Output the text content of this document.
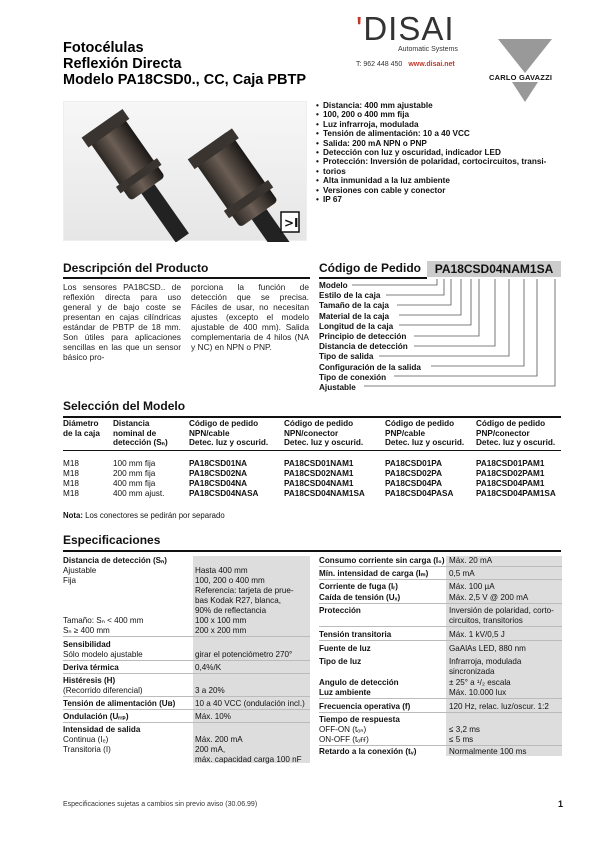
Fotocélulas
Reflexión Directa
Modelo PA18CSD0., CC, Caja PBTP
'DISAI
Automatic Systems
T: 962 448 450 www.disai.net
CARLO GAVAZZI
>I
• Distancia: 400 mm ajustable
• 100, 200 o 400 mm fija
• Luz infrarroja, modulada
• Tensión de alimentación: 10 a 40 VCC
• Salida: 200 mA NPN o PNP
• Detección con luz y oscuridad, indicador LED
• Protección: Inversión de polaridad, cortocircuitos, transi-
• torios
• Alta inmunidad a la luz ambiente
• Versiones con cable y conector
• IP 67
Descripción del Producto
Los sensores PA18CSD.. de reflexión directa para uso general y de bajo coste se presentan en cajas cilíndricas estándar de PBTP de 18 mm. Son útiles para aplicaciones sencillas en las que un sensor básico pro-
porciona la función de detección que se precisa. Fáciles de usar, no necesitan ajustes (excepto el modelo ajustable de 400 mm). Salida complementaria de 4 hilos (NA y NC) en NPN o PNP.
Código de Pedido	PA18CSD04NAM1SA
Modelo
Estilo de la caja
Tamaño de la caja
Material de la caja
Longitud de la caja
Principio de detección
Distancia de detección
Tipo de salida
Configuración de la salida
Tipo de conexión
Ajustable
Selección del Modelo
Diámetro
de la caja
Distancia
nominal de
detección (Sₙ)
Código de pedido
NPN/cable
Detec. luz y oscurid.
Código de pedido
NPN/conector
Detec. luz y oscurid.
Código de pedido
PNP/cable
Detec. luz y oscurid.
Código de pedido
PNP/conector
Detec. luz y oscurid.
M18	100 mm fija	PA18CSD01NA	PA18CSD01NAM1	PA18CSD01PA	PA18CSD01PAM1
M18	200 mm fija	PA18CSD02NA	PA18CSD02NAM1	PA18CSD02PA	PA18CSD02PAM1
M18	400 mm fija	PA18CSD04NA	PA18CSD04NAM1	PA18CSD04PA	PA18CSD04PAM1
M18	400 mm ajust.	PA18CSD04NASA	PA18CSD04NAM1SA PA18CSD04PASA	PA18CSD04PAM1SA
Nota: Los conectores se pedirán por separado
Especificaciones
Distancia de detección (Sₙ)
Ajustable	Hasta 400 mm
Fija	100, 200 o 400 mm
Referencia: tarjeta de prue-
bas Kodak R27, blanca,
90% de reflectancia
Tamaño: Sₙ < 400 mm	100 x 100 mm
Sₙ ≥ 400 mm	200 x 200 mm
Sensibilidad
Sólo modelo ajustable	girar el potenciómetro 270°
Deriva térmica	0,4%/K
Histéresis (H)
(Recorrido diferencial)	3 a 20%
Tensión de alimentación (Uв) 10 a 40 VCC (ondulación incl.)
Ondulación (Uᵣᵣₚ)	Máx. 10%
Intensidad de salida
Continua (Iₑ)	Máx. 200 mA
Transitoria (I)	200 mA,
máx. capacidad carga 100 nF
Consumo corriente sin carga (I₀) Máx. 20 mA
Mín. intensidad de carga (Iₘ)	0,5 mA
Corriente de fuga (Iᵣ)	Máx. 100 µA
Caída de tensión (Uₓ)	Máx. 2,5 V @ 200 mA
Protección	Inversión de polaridad, corto-
circuitos, transitorios
Tensión transitoria	Máx. 1 kV/0,5 J
Fuente de luz	GaAlAs LED, 880 nm
Tipo de luz	Infrarroja, modulada
sincronizada
Angulo de detección	± 25° a ¹/₂ escala
Luz ambiente	Máx. 10.000 lux
Frecuencia operativa (f)	120 Hz, relac. luz/oscur. 1:2
Tiempo de respuesta
OFF-ON (tₒₙ)	≤ 3,2 ms
ON-OFF (tₒғғ)	≤ 5 ms
Retardo a la conexión (tᵥ)	Normalmente 100 ms
Especificaciones sujetas a cambios sin previo aviso (30.06.99)	1
